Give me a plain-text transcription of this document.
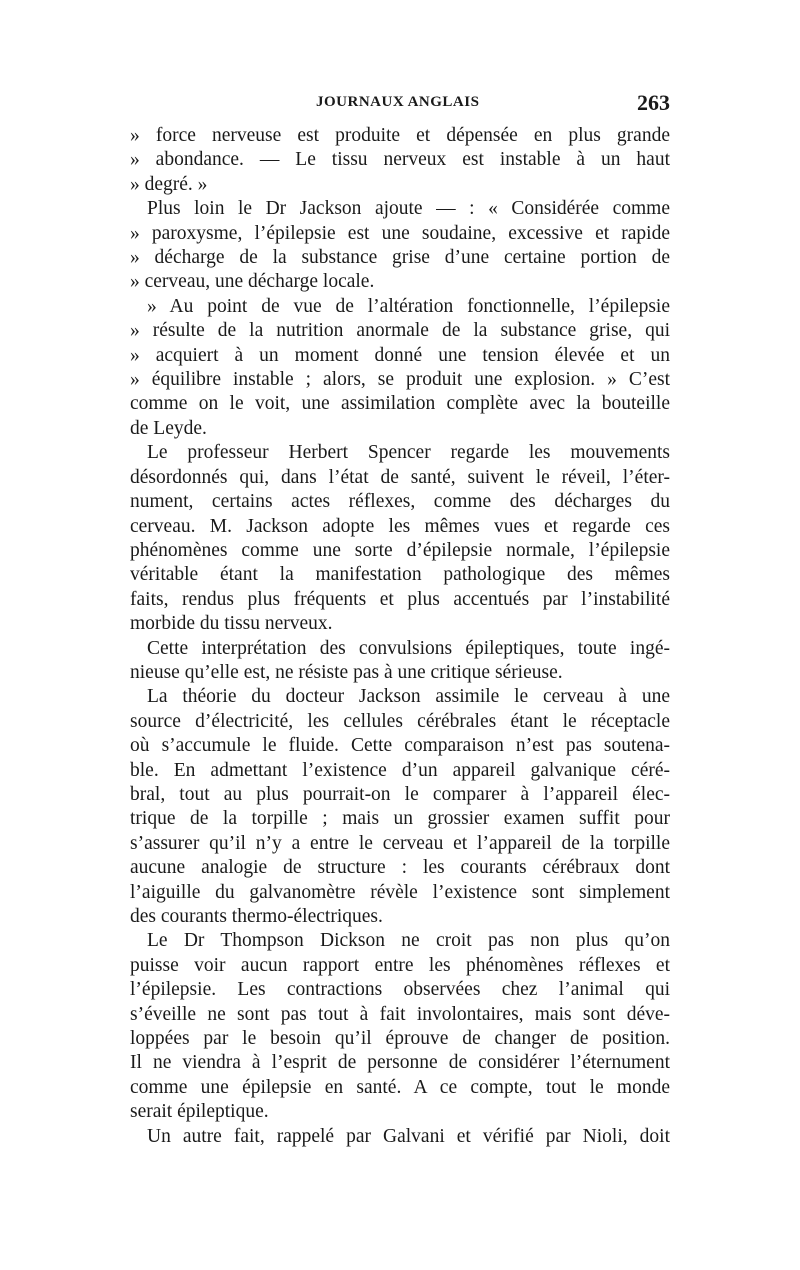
JOURNAUX ANGLAIS	263
» force nerveuse est produite et dépensée en plus grande
» abondance. — Le tissu nerveux est instable à un haut
» degré. »
Plus loin le Dr Jackson ajoute — : « Considérée comme
» paroxysme, l’épilepsie est une soudaine, excessive et rapide
» décharge de la substance grise d’une certaine portion de
» cerveau, une décharge locale.
» Au point de vue de l’altération fonctionnelle, l’épilepsie
» résulte de la nutrition anormale de la substance grise, qui
» acquiert à un moment donné une tension élevée et un
» équilibre instable ; alors, se produit une explosion. » C’est
comme on le voit, une assimilation complète avec la bouteille
de Leyde.
Le professeur Herbert Spencer regarde les mouvements
désordonnés qui, dans l’état de santé, suivent le réveil, l’éter-
nument, certains actes réflexes, comme des décharges du
cerveau. M. Jackson adopte les mêmes vues et regarde ces
phénomènes comme une sorte d’épilepsie normale, l’épilepsie
véritable étant la manifestation pathologique des mêmes
faits, rendus plus fréquents et plus accentués par l’instabilité
morbide du tissu nerveux.
Cette interprétation des convulsions épileptiques, toute ingé-
nieuse qu’elle est, ne résiste pas à une critique sérieuse.
La théorie du docteur Jackson assimile le cerveau à une
source d’électricité, les cellules cérébrales étant le réceptacle
où s’accumule le fluide. Cette comparaison n’est pas soutena-
ble. En admettant l’existence d’un appareil galvanique céré-
bral, tout au plus pourrait-on le comparer à l’appareil élec-
trique de la torpille ; mais un grossier examen suffit pour
s’assurer qu’il n’y a entre le cerveau et l’appareil de la torpille
aucune analogie de structure : les courants cérébraux dont
l’aiguille du galvanomètre révèle l’existence sont simplement
des courants thermo-électriques.
Le Dr Thompson Dickson ne croit pas non plus qu’on
puisse voir aucun rapport entre les phénomènes réflexes et
l’épilepsie. Les contractions observées chez l’animal qui
s’éveille ne sont pas tout à fait involontaires, mais sont déve-
loppées par le besoin qu’il éprouve de changer de position.
Il ne viendra à l’esprit de personne de considérer l’éternument
comme une épilepsie en santé. A ce compte, tout le monde
serait épileptique.
Un autre fait, rappelé par Galvani et vérifié par Nioli, doit
